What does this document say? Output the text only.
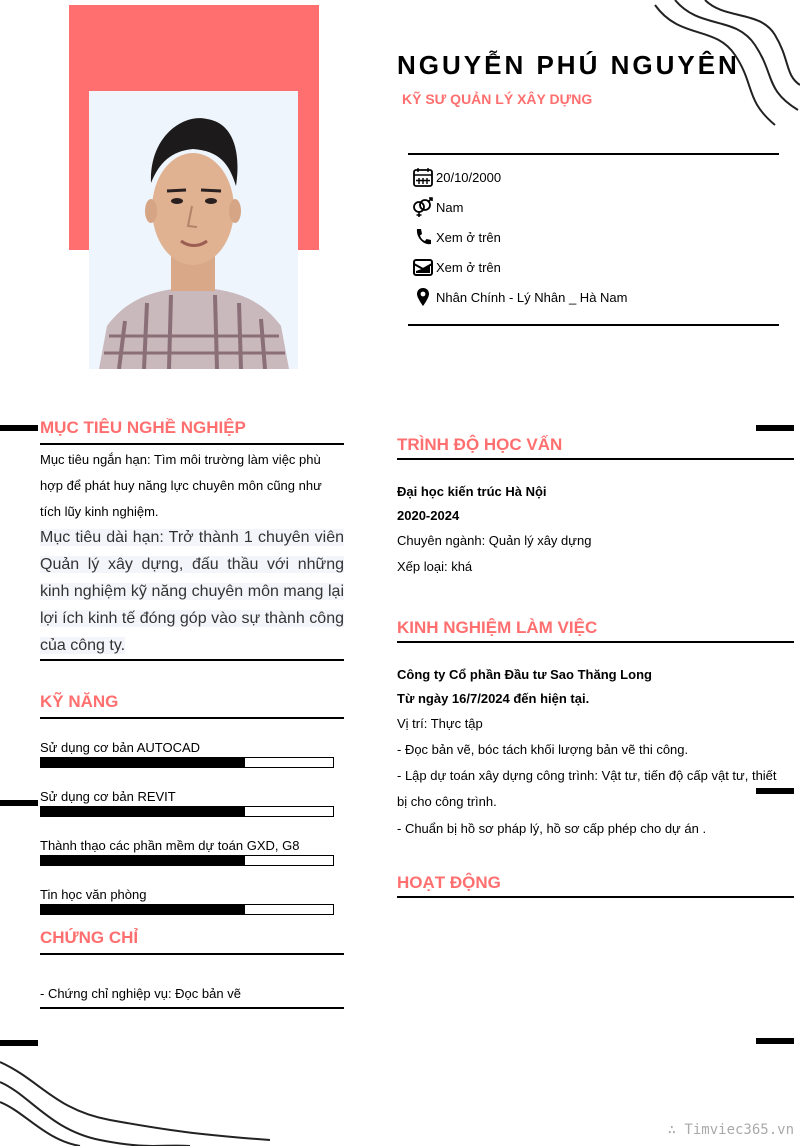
NGUYỄN PHÚ NGUYÊN
KỸ SƯ QUẢN LÝ XÂY DỰNG
20/10/2000
Nam
Xem ở trên
Xem ở trên
Nhân Chính - Lý Nhân _ Hà Nam
MỤC TIÊU NGHỀ NGHIỆP
Mục tiêu ngắn hạn: Tìm môi trường làm việc phù hợp để phát huy năng lực chuyên môn cũng như tích lũy kinh nghiệm.
Mục tiêu dài hạn: Trở thành 1 chuyên viên Quản lý xây dựng, đấu thầu với những kinh nghiệm kỹ năng chuyên môn mang lại lợi ích kinh tế đóng góp vào sự thành công của công ty.
KỸ NĂNG
Sử dụng cơ bản AUTOCAD
Sử dụng cơ bản REVIT
Thành thạo các phần mềm dự toán GXD, G8
Tin học văn phòng
CHỨNG CHỈ
- Chứng chỉ nghiệp vụ: Đọc bản vẽ
TRÌNH ĐỘ HỌC VẤN
Đại học kiến trúc Hà Nội
2020-2024
Chuyên ngành: Quản lý xây dựng
Xếp loại: khá
KINH NGHIỆM LÀM VIỆC
Công ty Cổ phần Đầu tư Sao Thăng Long
Từ ngày 16/7/2024 đến hiện tại.
Vị trí: Thực tập
- Đọc bản vẽ, bóc tách khối lượng bản vẽ thi công.
- Lập dự toán xây dựng công trình: Vật tư, tiến độ cấp vật tư, thiết bị cho công trình.
- Chuẩn bị hồ sơ pháp lý, hồ sơ cấp phép cho dự án .
HOẠT ĐỘNG
∴ Timviec365.vn
